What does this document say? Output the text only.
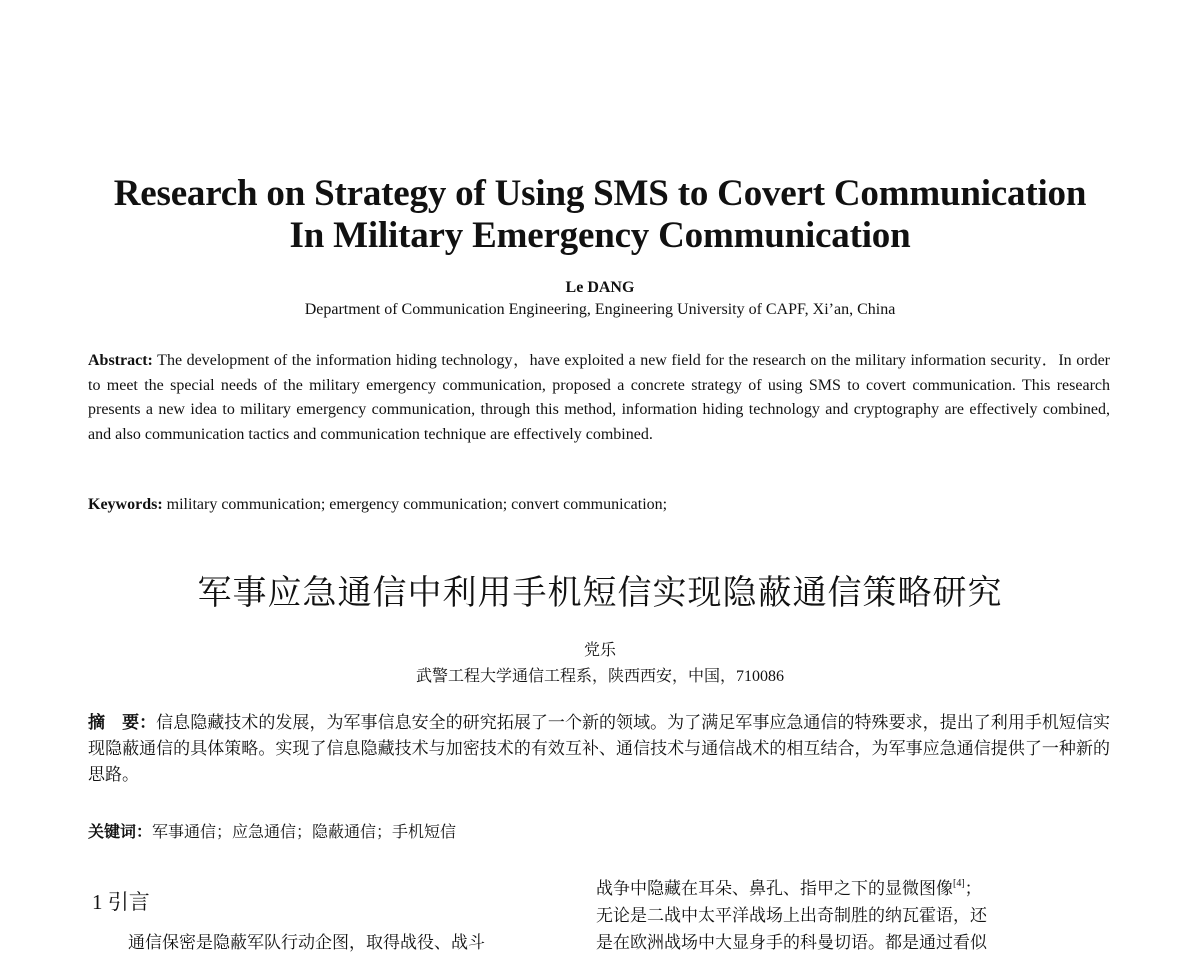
Research on Strategy of Using SMS to Covert Communication
In Military Emergency Communication
Le DANG
Department of Communication Engineering, Engineering University of CAPF, Xi’an, China
Abstract: The development of the information hiding technology，have exploited a new field for the research on the military information security．In order to meet the special needs of the military emergency communication, proposed a concrete strategy of using SMS to covert communication. This research presents a new idea to military emergency communication, through this method, information hiding technology and cryptography are effectively combined, and also communication tactics and communication technique are effectively combined.
Keywords: military communication; emergency communication; convert communication;
军事应急通信中利用手机短信实现隐蔽通信策略研究
党乐
武警工程大学通信工程系，陕西西安，中国，710086
摘　要：信息隐藏技术的发展，为军事信息安全的研究拓展了一个新的领域。为了满足军事应急通信的特殊要求，提出了利用手机短信实现隐蔽通信的具体策略。实现了信息隐藏技术与加密技术的有效互补、通信技术与通信战术的相互结合，为军事应急通信提供了一种新的思路。
关键词：军事通信；应急通信；隐蔽通信；手机短信
1 引言
通信保密是隐蔽军队行动企图，取得战役、战斗
战争中隐藏在耳朵、鼻孔、指甲之下的显微图像[4]；
无论是二战中太平洋战场上出奇制胜的纳瓦霍语，还
是在欧洲战场中大显身手的科曼切语。都是通过看似
